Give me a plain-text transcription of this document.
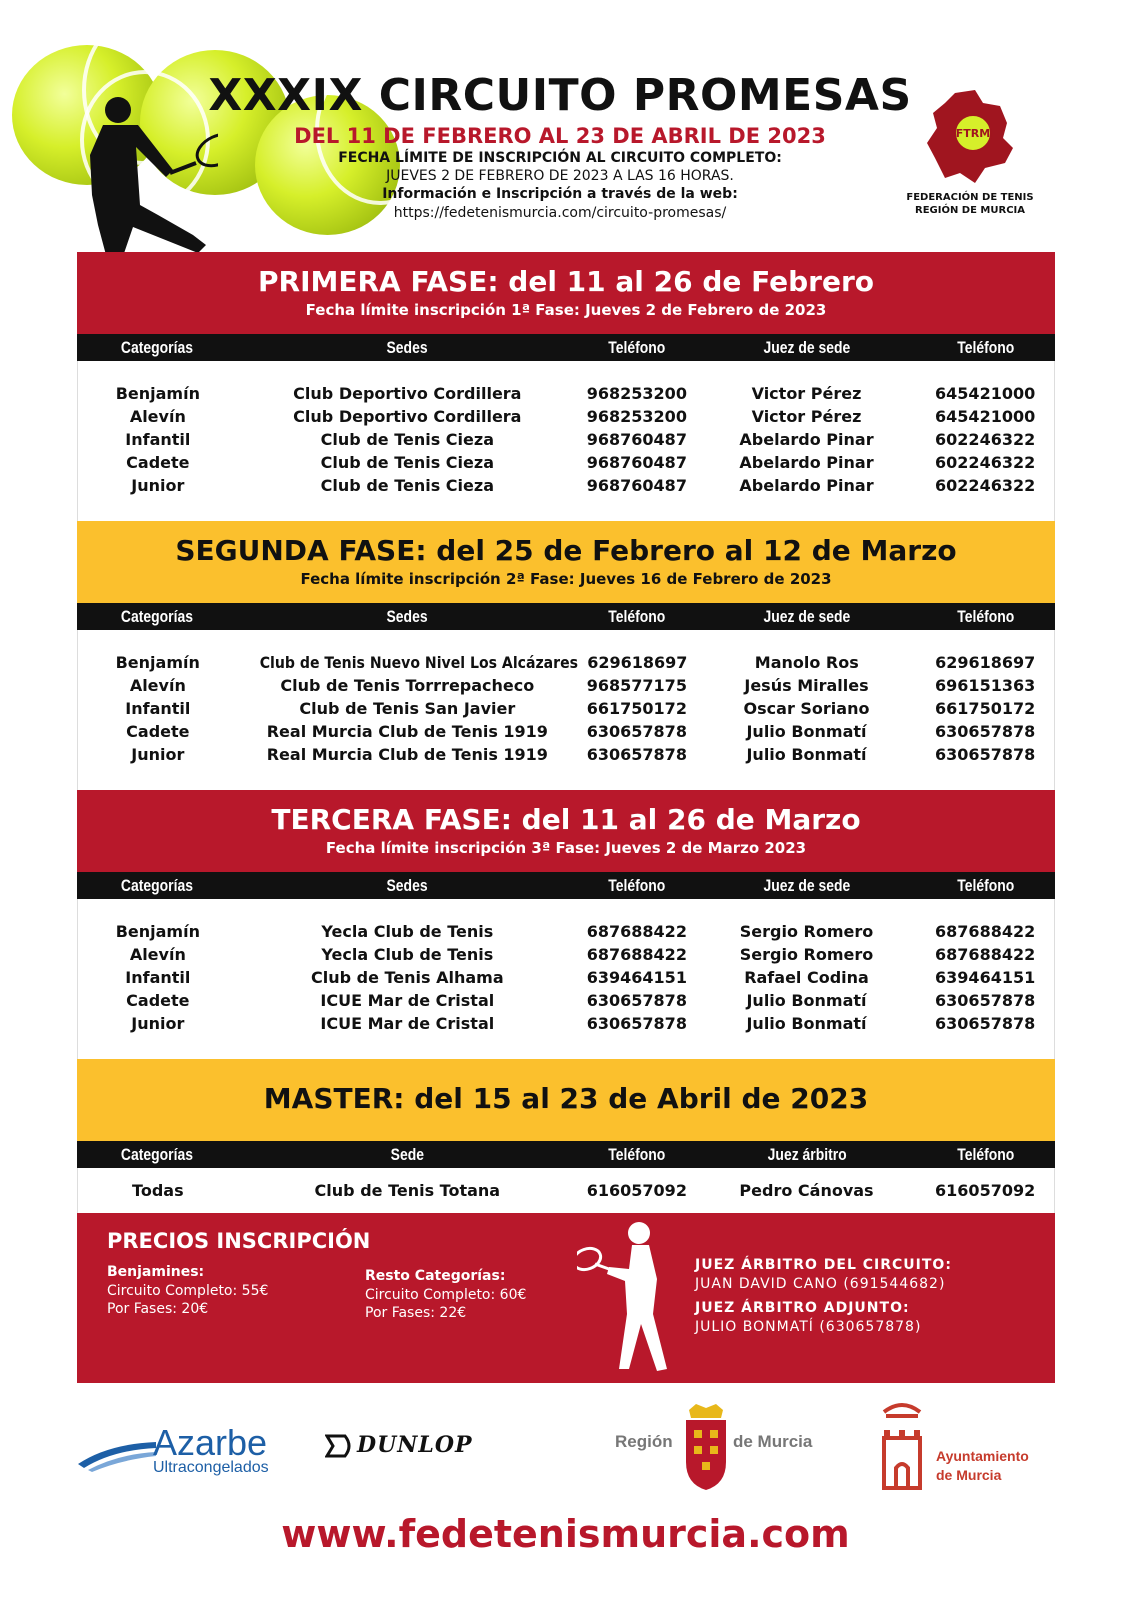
XXXIX CIRCUITO PROMESAS
DEL 11 DE FEBRERO AL 23 DE ABRIL DE 2023
FECHA LÍMITE DE INSCRIPCIÓN AL CIRCUITO COMPLETO:
JUEVES 2 DE FEBRERO DE 2023 A LAS 16 HORAS.
Información e Inscripción a través de la web:
https://fedetenismurcia.com/circuito-promesas/
FTRM
FEDERACIÓN DE TENIS
REGIÓN DE MURCIA
PRIMERA FASE: del 11 al 26 de Febrero
Fecha límite inscripción 1ª Fase: Jueves 2 de Febrero de 2023
Categorías	Sedes	Teléfono	Juez de sede	Teléfono
Benjamín	Club Deportivo Cordillera	968253200	Victor Pérez	645421000
Alevín	Club Deportivo Cordillera	968253200	Victor Pérez	645421000
Infantil	Club de Tenis Cieza	968760487	Abelardo Pinar	602246322
Cadete	Club de Tenis Cieza	968760487	Abelardo Pinar	602246322
Junior	Club de Tenis Cieza	968760487	Abelardo Pinar	602246322
SEGUNDA FASE: del 25 de Febrero al 12 de Marzo
Fecha límite inscripción 2ª Fase: Jueves 16 de Febrero de 2023
Categorías	Sedes	Teléfono	Juez de sede	Teléfono
Benjamín	Club de Tenis Nuevo Nivel Los Alcázares 629618697	Manolo Ros	629618697
Alevín	Club de Tenis Torrrepacheco	968577175	Jesús Miralles	696151363
Infantil	Club de Tenis San Javier	661750172	Oscar Soriano	661750172
Cadete	Real Murcia Club de Tenis 1919	630657878	Julio Bonmatí	630657878
Junior	Real Murcia Club de Tenis 1919	630657878	Julio Bonmatí	630657878
TERCERA FASE: del 11 al 26 de Marzo
Fecha límite inscripción 3ª Fase: Jueves 2 de Marzo 2023
Categorías	Sedes	Teléfono	Juez de sede	Teléfono
Benjamín	Yecla Club de Tenis	687688422	Sergio Romero	687688422
Alevín	Yecla Club de Tenis	687688422	Sergio Romero	687688422
Infantil	Club de Tenis Alhama	639464151	Rafael Codina	639464151
Cadete	ICUE Mar de Cristal	630657878	Julio Bonmatí	630657878
Junior	ICUE Mar de Cristal	630657878	Julio Bonmatí	630657878
MASTER: del 15 al 23 de Abril de 2023
Categorías	Sede	Teléfono	Juez árbitro	Teléfono
Todas	Club de Tenis Totana	616057092	Pedro Cánovas	616057092
PRECIOS INSCRIPCIÓN
Benjamines:
Circuito Completo: 55€
Por Fases: 20€
Resto Categorías:
Circuito Completo: 60€
Por Fases: 22€
JUEZ ÁRBITRO DEL CIRCUITO:
JUAN DAVID CANO (691544682)
JUEZ ÁRBITRO ADJUNTO:
JULIO BONMATÍ (630657878)
Azarbe
Ultracongelados
DUNLOP	Región	de Murcia
Ayuntamiento
de Murcia
www.fedetenismurcia.com
